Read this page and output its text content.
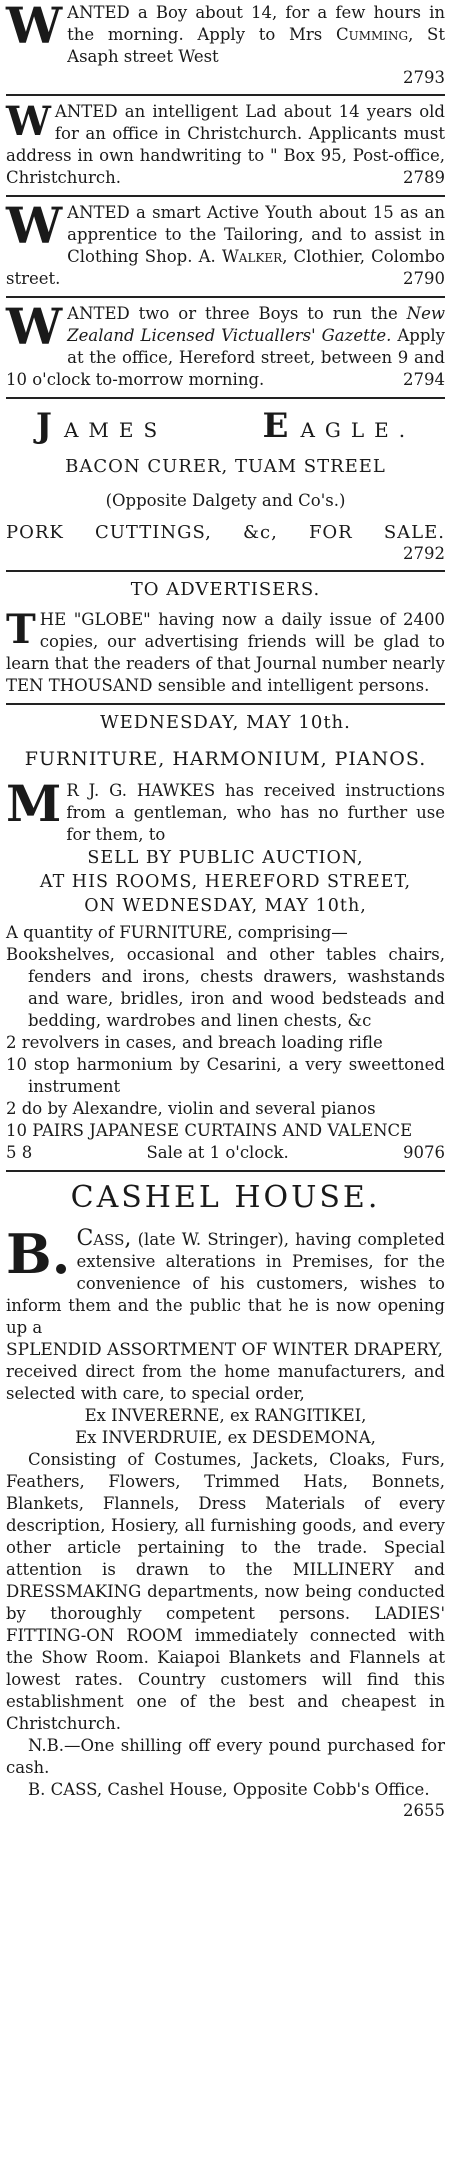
W ANTED a Boy about 14, for a few hours in the morning. Apply to Mrs Cumming, St Asaph street West

2793

W ANTED an intelligent Lad about 14 years old for an office in Christchurch. Applicants must address in own handwriting to " Box 95, Post-office, Christchurch.	2789

W ANTED a smart Active Youth about 15 as an apprentice to the Tailoring, and to assist in Clothing Shop. A. Walker, Clothier, Colombo street.	2790

W ANTED two or three Boys to run the New Zealand Licensed Victuallers' Gazette. Apply at the office, Hereford street, between 9 and 10 o'clock to-morrow morning.	2794

JAMES	EAGLE.
BACON CURER, TUAM STREEL
(Opposite Dalgety and Co's.)
PORK CUTTINGS, &c, FOR SALE.
2792
TO ADVERTISERS.

T HE "GLOBE" having now a daily issue of 2400 copies, our advertising friends will be glad to learn that the readers of that Journal number nearly TEN THOUSAND sensible and intelligent persons.

WEDNESDAY, MAY 10th.
FURNITURE, HARMONIUM, PIANOS.

M R J. G. HAWKES has received instructions from a gentleman, who has no further use for them, to

SELL BY PUBLIC AUCTION,
AT HIS ROOMS, HEREFORD STREET,
ON WEDNESDAY, MAY 10th,

A quantity of FURNITURE, comprising—

Bookshelves, occasional and other tables chairs, fenders and irons, chests drawers, washstands and ware, bridles, iron and wood bedsteads and bedding, wardrobes and linen chests, &c

2 revolvers in cases, and breach loading rifle

10 stop harmonium by Cesarini, a very sweettoned instrument

2 do by Alexandre, violin and several pianos

10 PAIRS JAPANESE CURTAINS AND VALENCE

5 8	Sale at 1 o'clock.	9076
CASHEL HOUSE.

B. Cass, (late W. Stringer), having completed extensive alterations in Premises, for the convenience of his customers, wishes to inform them and the public that he is now opening up a

SPLENDID ASSORTMENT OF WINTER DRAPERY,

received direct from the home manufacturers, and selected with care, to special order,

Ex INVERERNE, ex RANGITIKEI,
Ex INVERDRUIE, ex DESDEMONA,

Consisting of Costumes, Jackets, Cloaks, Furs, Feathers, Flowers, Trimmed Hats, Bonnets, Blankets, Flannels, Dress Materials of every description, Hosiery, all furnishing goods, and every other article pertaining to the trade. Special attention is drawn to the MILLINERY and DRESSMAKING departments, now being conducted by thoroughly competent persons. LADIES' FITTING-ON ROOM immediately connected with the Show Room. Kaiapoi Blankets and Flannels at lowest rates. Country customers will find this establishment one of the best and cheapest in Christchurch.

N.B.—One shilling off every pound purchased for cash.

B. CASS, Cashel House, Opposite Cobb's Office.

2655
